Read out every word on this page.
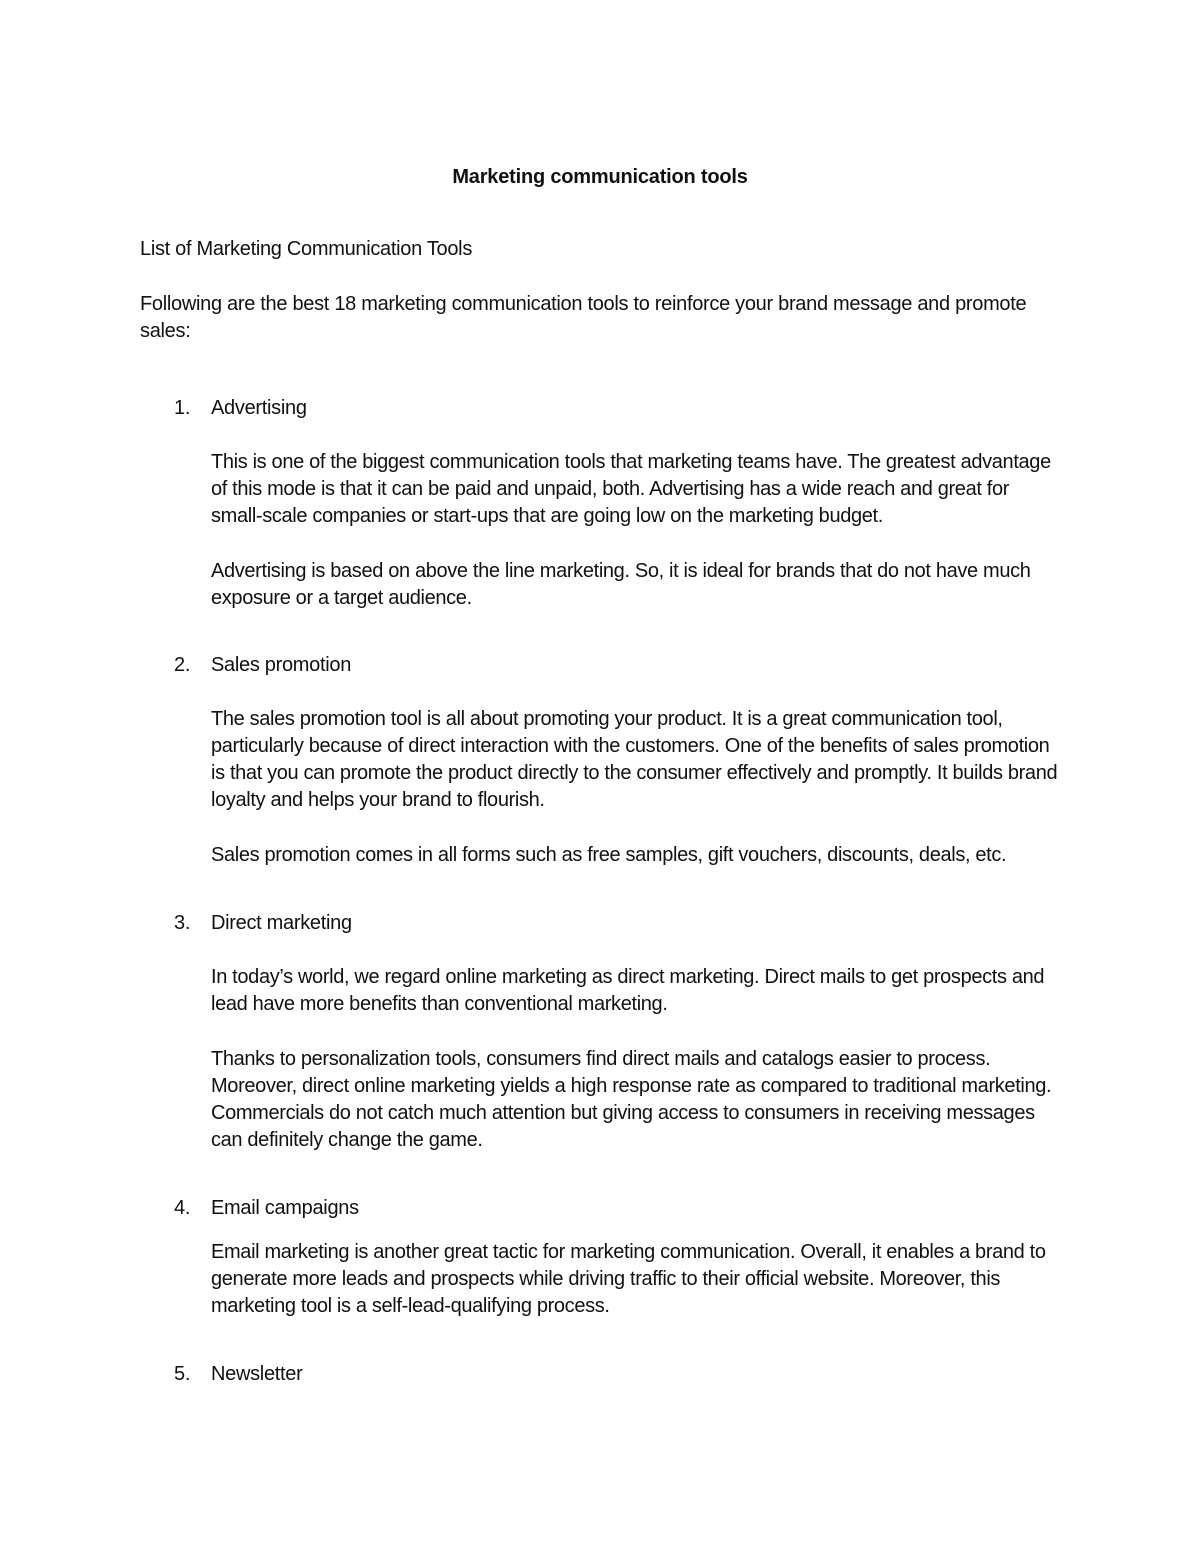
Marketing communication tools
List of Marketing Communication Tools
Following are the best 18 marketing communication tools to reinforce your brand message and promote sales:
1. Advertising
This is one of the biggest communication tools that marketing teams have. The greatest advantage of this mode is that it can be paid and unpaid, both. Advertising has a wide reach and great for small-scale companies or start-ups that are going low on the marketing budget.
Advertising is based on above the line marketing. So, it is ideal for brands that do not have much exposure or a target audience.
2. Sales promotion
The sales promotion tool is all about promoting your product. It is a great communication tool, particularly because of direct interaction with the customers. One of the benefits of sales promotion is that you can promote the product directly to the consumer effectively and promptly. It builds brand loyalty and helps your brand to flourish.
Sales promotion comes in all forms such as free samples, gift vouchers, discounts, deals, etc.
3. Direct marketing
In today’s world, we regard online marketing as direct marketing. Direct mails to get prospects and lead have more benefits than conventional marketing.
Thanks to personalization tools, consumers find direct mails and catalogs easier to process. Moreover, direct online marketing yields a high response rate as compared to traditional marketing. Commercials do not catch much attention but giving access to consumers in receiving messages can definitely change the game.
4. Email campaigns
Email marketing is another great tactic for marketing communication. Overall, it enables a brand to generate more leads and prospects while driving traffic to their official website. Moreover, this marketing tool is a self-lead-qualifying process.
5. Newsletter
